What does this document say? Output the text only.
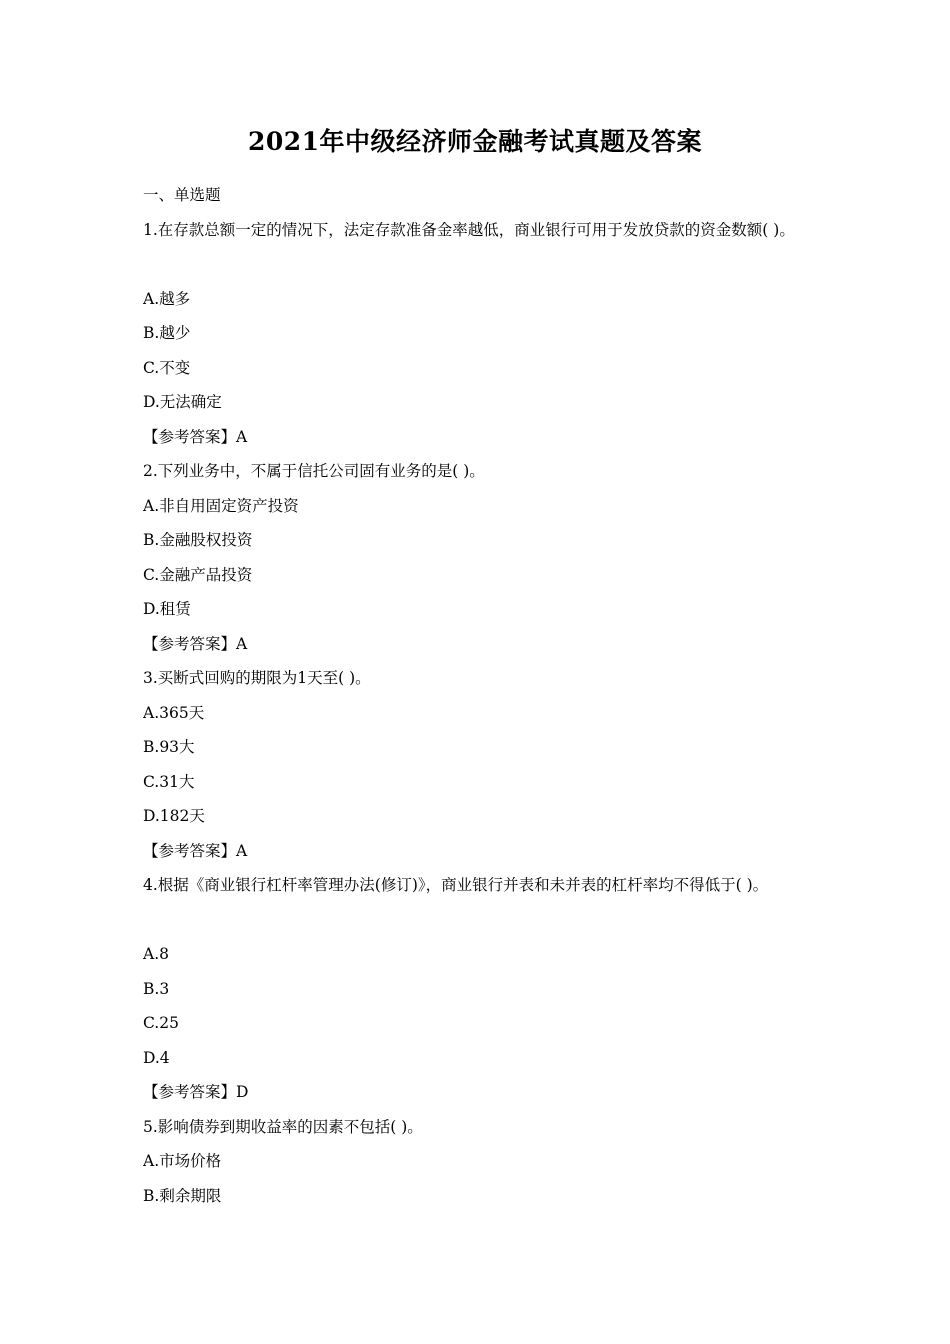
2021年中级经济师金融考试真题及答案
一、单选题
1.在存款总额一定的情况下，法定存款准备金率越低，商业银行可用于发放贷款的资金数额( )。
A.越多
B.越少
C.不变
D.无法确定
【参考答案】A
2.下列业务中，不属于信托公司固有业务的是( )。
A.非自用固定资产投资
B.金融股权投资
C.金融产品投资
D.租赁
【参考答案】A
3.买断式回购的期限为1天至( )。
A.365天
B.93大
C.31大
D.182天
【参考答案】A
4.根据《商业银行杠杆率管理办法(修订)》，商业银行并表和未并表的杠杆率均不得低于( )。
A.8
B.3
C.25
D.4
【参考答案】D
5.影响债券到期收益率的因素不包括( )。
A.市场价格
B.剩余期限
